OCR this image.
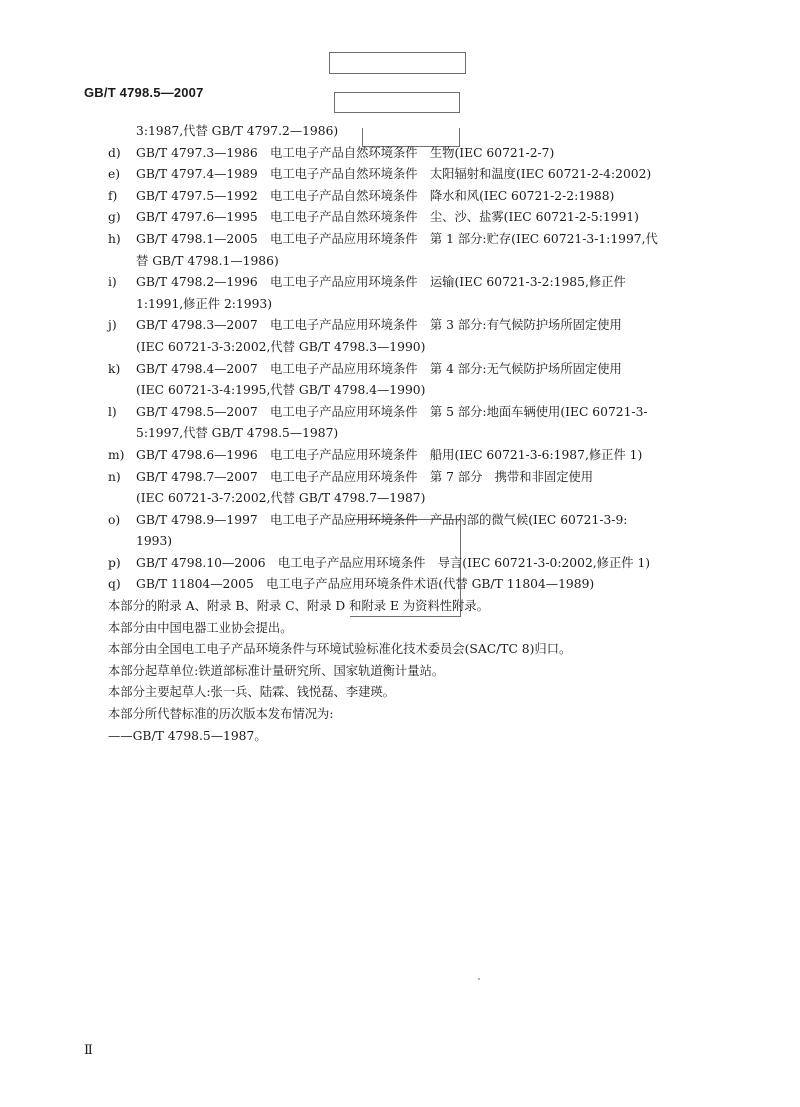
GB/T 4798.5—2007
3:1987,代替 GB/T 4797.2—1986)
d)	GB/T 4797.3—1986　电工电子产品自然环境条件　生物(IEC 60721-2-7)
e)	GB/T 4797.4—1989　电工电子产品自然环境条件　太阳辐射和温度(IEC 60721-2-4:2002)
f)	GB/T 4797.5—1992　电工电子产品自然环境条件　降水和风(IEC 60721-2-2:1988)
g)	GB/T 4797.6—1995　电工电子产品自然环境条件　尘、沙、盐雾(IEC 60721-2-5:1991)
h)	GB/T 4798.1—2005　电工电子产品应用环境条件　第 1 部分:贮存(IEC 60721-3-1:1997,代
替 GB/T 4798.1—1986)
i)	GB/T 4798.2—1996　电工电子产品应用环境条件　运输(IEC 60721-3-2:1985,修正件
1:1991,修正件 2:1993)
j)	GB/T 4798.3—2007　电工电子产品应用环境条件　第 3 部分:有气候防护场所固定使用
(IEC 60721-3-3:2002,代替 GB/T 4798.3—1990)
k)	GB/T 4798.4—2007　电工电子产品应用环境条件　第 4 部分:无气候防护场所固定使用
(IEC 60721-3-4:1995,代替 GB/T 4798.4—1990)
l)	GB/T 4798.5—2007　电工电子产品应用环境条件　第 5 部分:地面车辆使用(IEC 60721-3-
5:1997,代替 GB/T 4798.5—1987)
m) GB/T 4798.6—1996　电工电子产品应用环境条件　船用(IEC 60721-3-6:1987,修正件 1)
n)	GB/T 4798.7—2007　电工电子产品应用环境条件　第 7 部分　携带和非固定使用
(IEC 60721-3-7:2002,代替 GB/T 4798.7—1987)
o)	GB/T 4798.9—1997　电工电子产品应用环境条件　产品内部的微气候(IEC 60721-3-9:
1993)
p)	GB/T 4798.10—2006　电工电子产品应用环境条件　导言(IEC 60721-3-0:2002,修正件 1)
q)	GB/T 11804—2005　电工电子产品应用环境条件术语(代替 GB/T 11804—1989)
本部分的附录 A、附录 B、附录 C、附录 D 和附录 E 为资料性附录。
本部分由中国电器工业协会提出。
本部分由全国电工电子产品环境条件与环境试验标准化技术委员会(SAC/TC 8)归口。
本部分起草单位:铁道部标准计量研究所、国家轨道衡计量站。
本部分主要起草人:张一兵、陆霖、钱悦磊、李建瑛。
本部分所代替标准的历次版本发布情况为:
——GB/T 4798.5—1987。
Ⅱ
